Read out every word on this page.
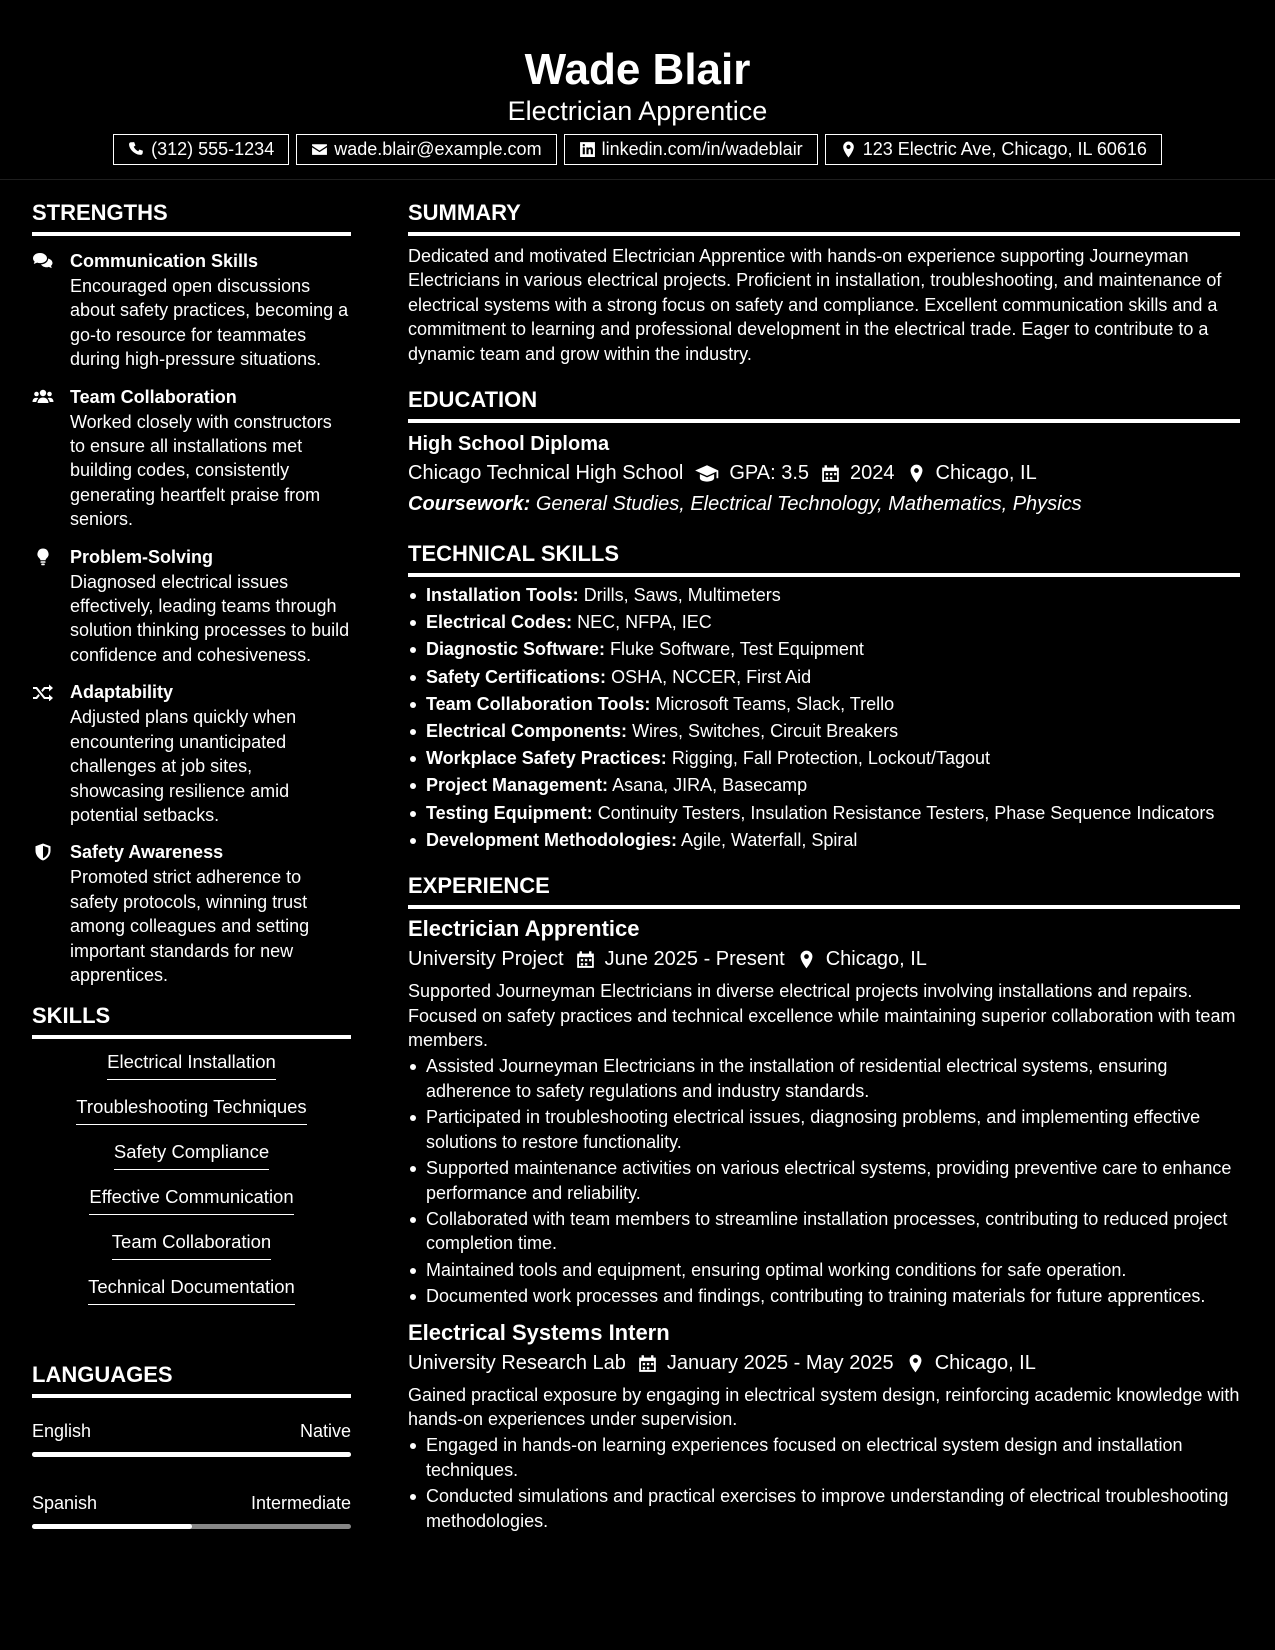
Wade Blair
Electrician Apprentice
(312) 555-1234	wade.blair@example.com	linkedin.com/in/wadeblair	123 Electric Ave, Chicago, IL 60616
STRENGTHS
Communication Skills
Encouraged open discussions about safety practices, becoming a go-to resource for teammates during high-pressure situations.
Team Collaboration
Worked closely with constructors to ensure all installations met building codes, consistently generating heartfelt praise from seniors.
Problem-Solving
Diagnosed electrical issues effectively, leading teams through solution thinking processes to build confidence and cohesiveness.
Adaptability
Adjusted plans quickly when encountering unanticipated challenges at job sites, showcasing resilience amid potential setbacks.
Safety Awareness
Promoted strict adherence to safety protocols, winning trust among colleagues and setting important standards for new apprentices.
SKILLS
Electrical Installation
Troubleshooting Techniques
Safety Compliance
Effective Communication
Team Collaboration
Technical Documentation
LANGUAGES
English	Native
Spanish	Intermediate
SUMMARY
Dedicated and motivated Electrician Apprentice with hands-on experience supporting Journeyman Electricians in various electrical projects. Proficient in installation, troubleshooting, and maintenance of electrical systems with a strong focus on safety and compliance. Excellent communication skills and a commitment to learning and professional development in the electrical trade. Eager to contribute to a dynamic team and grow within the industry.
EDUCATION
High School Diploma
Chicago Technical High School GPA: 3.5 2024 Chicago, IL
Coursework: General Studies, Electrical Technology, Mathematics, Physics
TECHNICAL SKILLS
Installation Tools: Drills, Saws, Multimeters
Electrical Codes: NEC, NFPA, IEC
Diagnostic Software: Fluke Software, Test Equipment
Safety Certifications: OSHA, NCCER, First Aid
Team Collaboration Tools: Microsoft Teams, Slack, Trello
Electrical Components: Wires, Switches, Circuit Breakers
Workplace Safety Practices: Rigging, Fall Protection, Lockout/Tagout
Project Management: Asana, JIRA, Basecamp
Testing Equipment: Continuity Testers, Insulation Resistance Testers, Phase Sequence Indicators
Development Methodologies: Agile, Waterfall, Spiral
EXPERIENCE
Electrician Apprentice
University Project June 2025 - Present Chicago, IL
Supported Journeyman Electricians in diverse electrical projects involving installations and repairs. Focused on safety practices and technical excellence while maintaining superior collaboration with team members.
Assisted Journeyman Electricians in the installation of residential electrical systems, ensuring adherence to safety regulations and industry standards.
Participated in troubleshooting electrical issues, diagnosing problems, and implementing effective solutions to restore functionality.
Supported maintenance activities on various electrical systems, providing preventive care to enhance performance and reliability.
Collaborated with team members to streamline installation processes, contributing to reduced project completion time.
Maintained tools and equipment, ensuring optimal working conditions for safe operation.
Documented work processes and findings, contributing to training materials for future apprentices.
Electrical Systems Intern
University Research Lab January 2025 - May 2025 Chicago, IL
Gained practical exposure by engaging in electrical system design, reinforcing academic knowledge with hands-on experiences under supervision.
Engaged in hands-on learning experiences focused on electrical system design and installation techniques.
Conducted simulations and practical exercises to improve understanding of electrical troubleshooting methodologies.
